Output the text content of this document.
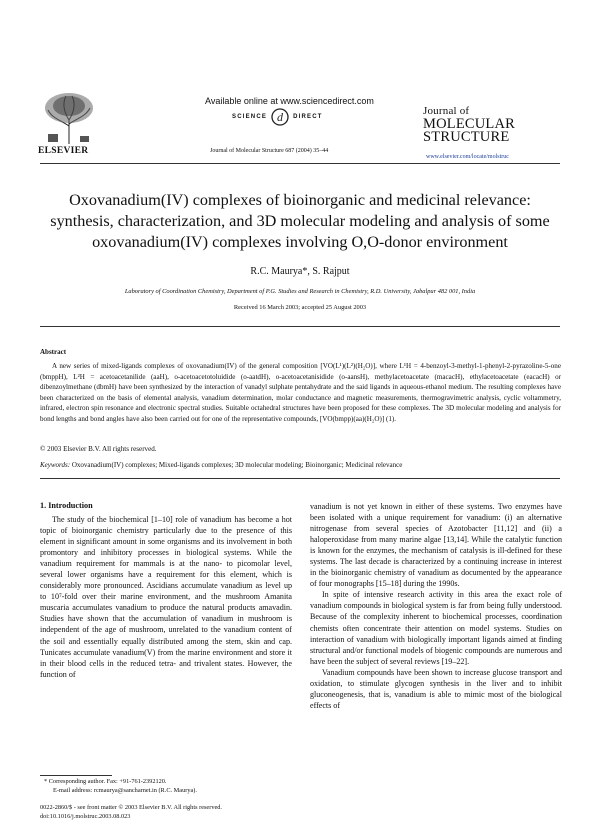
ELSEVIER
Available online at www.sciencedirect.com
SCIENCE d DIRECT
Journal of Molecular Structure 687 (2004) 35–44
Journal of
MOLECULAR
STRUCTURE
www.elsevier.com/locate/molstruc
Oxovanadium(IV) complexes of bioinorganic and medicinal relevance: synthesis, characterization, and 3D molecular modeling and analysis of some oxovanadium(IV) complexes involving O,O-donor environment
R.C. Maurya*, S. Rajput
Laboratory of Coordination Chemistry, Department of P.G. Studies and Research in Chemistry, R.D. University, Jabalpur 482 001, India
Received 16 March 2003; accepted 25 August 2003
Abstract
A new series of mixed-ligands complexes of oxovanadium(IV) of the general composition [VO(L¹)(L²)(H₂O)], where L¹H = 4-benzoyl-3-methyl-1-phenyl-2-pyrazoline-5-one (bmppH), L²H = acetoacetanilide (aaH), o-acetoacetotoluidide (o-aatdH), o-acetoacetanisidide (o-aansH), methylacetoacetate (macacH), ethylacetoacetate (eacacH) or dibenzoylmethane (dbmH) have been synthesized by the interaction of vanadyl sulphate pentahydrate and the said ligands in aqueous-ethanol medium. The resulting complexes have been characterized on the basis of elemental analysis, vanadium determination, molar conductance and magnetic measurements, thermogravimetric analysis, cyclic voltammetry, infrared, electron spin resonance and electronic spectral studies. Suitable octahedral structures have been proposed for these complexes. The 3D molecular modeling and analysis for bond lengths and bond angles have also been carried out for one of the representative compounds, [VO(bmpp)(aa)(H₂O)] (1).
© 2003 Elsevier B.V. All rights reserved.
Keywords: Oxovanadium(IV) complexes; Mixed-ligands complexes; 3D molecular modeling; Bioinorganic; Medicinal relevance
1. Introduction

The study of the biochemical [1–10] role of vanadium has become a hot topic of bioinorganic chemistry particularly due to the presence of this element in significant amount in some organisms and its involvement in both promontory and inhibitory processes in biological systems. While the vanadium requirement for mammals is at the nano- to picomolar level, several lower organisms have a requirement for this element, which is considerably more pronounced. Ascidians accumulate vanadium as level up to 10⁷-fold over their marine environment, and the mushroom Amanita muscaria accumulates vanadium to produce the natural products amavadin. Studies have shown that the accumulation of vanadium in mushroom is independent of the age of mushroom, unrelated to the vanadium content of the soil and essentially equally distributed among the stem, skin and cap. Tunicates accumulate vanadium(V) from the marine environment and store it in their blood cells in the reduced tetra- and trivalent states. However, the function of

vanadium is not yet known in either of these systems. Two enzymes have been isolated with a unique requirement for vanadium: (i) an alternative nitrogenase from several species of Azotobacter [11,12] and (ii) a haloperoxidase from many marine algae [13,14]. While the catalytic function is known for the enzymes, the mechanism of catalysis is ill-defined for these systems. The last decade is characterized by a continuing increase in interest in the bioinorganic chemistry of vanadium as documented by the appearance of four monographs [15–18] during the 1990s.

In spite of intensive research activity in this area the exact role of vanadium compounds in biological system is far from being fully understood. Because of the complexity inherent to biochemical processes, coordination chemists often concentrate their attention on model systems. Studies on interaction of vanadium with biologically important ligands aimed at finding structural and/or functional models of biogenic compounds are numerous and have been the subject of several reviews [19–22].

Vanadium compounds have been shown to increase glucose transport and oxidation, to stimulate glycogen synthesis in the liver and to inhibit gluconeogenesis, that is, vanadium is able to mimic most of the biological effects of

* Corresponding author. Fax: +91-761-2392120.
E-mail address: rcmaurya@sancharnet.in (R.C. Maurya).
0022-2860/$ - see front matter © 2003 Elsevier B.V. All rights reserved.
doi:10.1016/j.molstruc.2003.08.023
